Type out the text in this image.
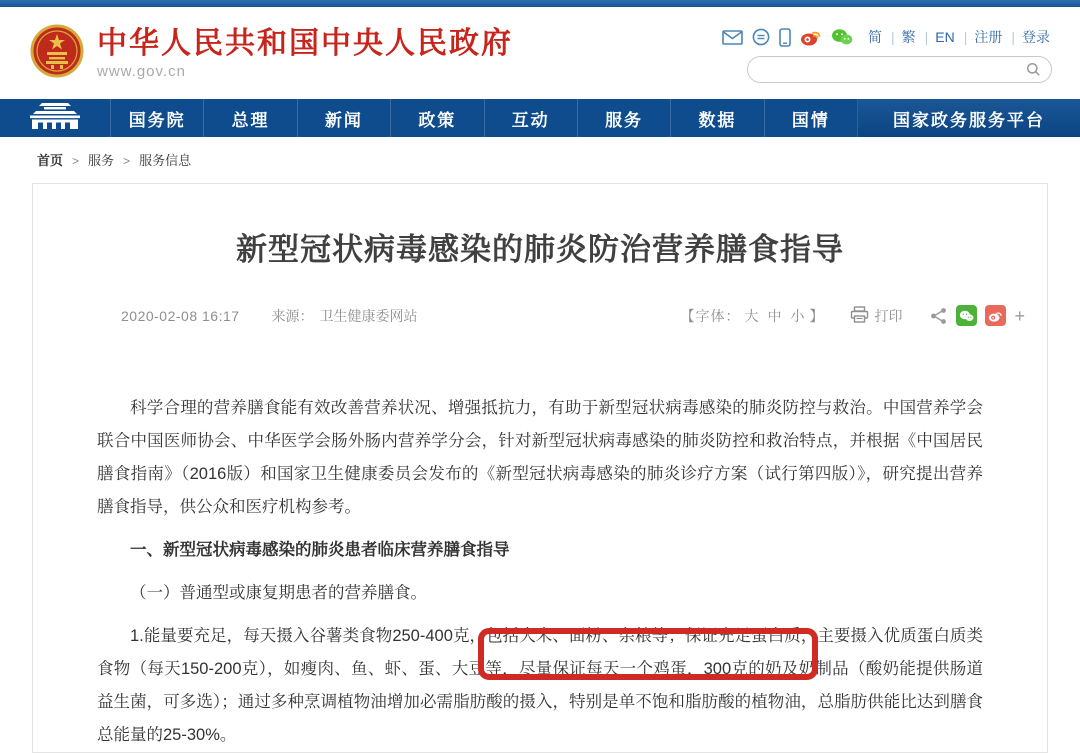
中华人民共和国中央人民政府
www.gov.cn
简	| 繁	| EN	| 注册	| 登录
国务院	总理	新闻	政策	互动	服务	数据	国情	国家政务服务平台
首页 > 服务 > 服务信息
新型冠状病毒感染的肺炎防治营养膳食指导
2020-02-08 16:17 来源： 卫生健康委网站	【字体： 大 中 小 】	打印	+

科学合理的营养膳食能有效改善营养状况、增强抵抗力，有助于新型冠状病毒感染的肺炎防控与救治。中国营养学会联合中国医师协会、中华医学会肠外肠内营养学分会，针对新型冠状病毒感染的肺炎防控和救治特点，并根据《中国居民膳食指南》（2016版）和国家卫生健康委员会发布的《新型冠状病毒感染的肺炎诊疗方案（试行第四版）》，研究提出营养膳食指导，供公众和医疗机构参考。

一、新型冠状病毒感染的肺炎患者临床营养膳食指导

（一）普通型或康复期患者的营养膳食。

1.能量要充足，每天摄入谷薯类食物250-400克，包括大米、面粉、杂粮等；保证充足蛋白质，主要摄入优质蛋白质类食物（每天150-200克），如瘦肉、鱼、虾、蛋、大豆等，尽量保证每天一个鸡蛋，300克的奶及奶制品（酸奶能提供肠道益生菌，可多选）；通过多种烹调植物油增加必需脂肪酸的摄入，特别是单不饱和脂肪酸的植物油，总脂肪供能比达到膳食总能量的25-30%。
